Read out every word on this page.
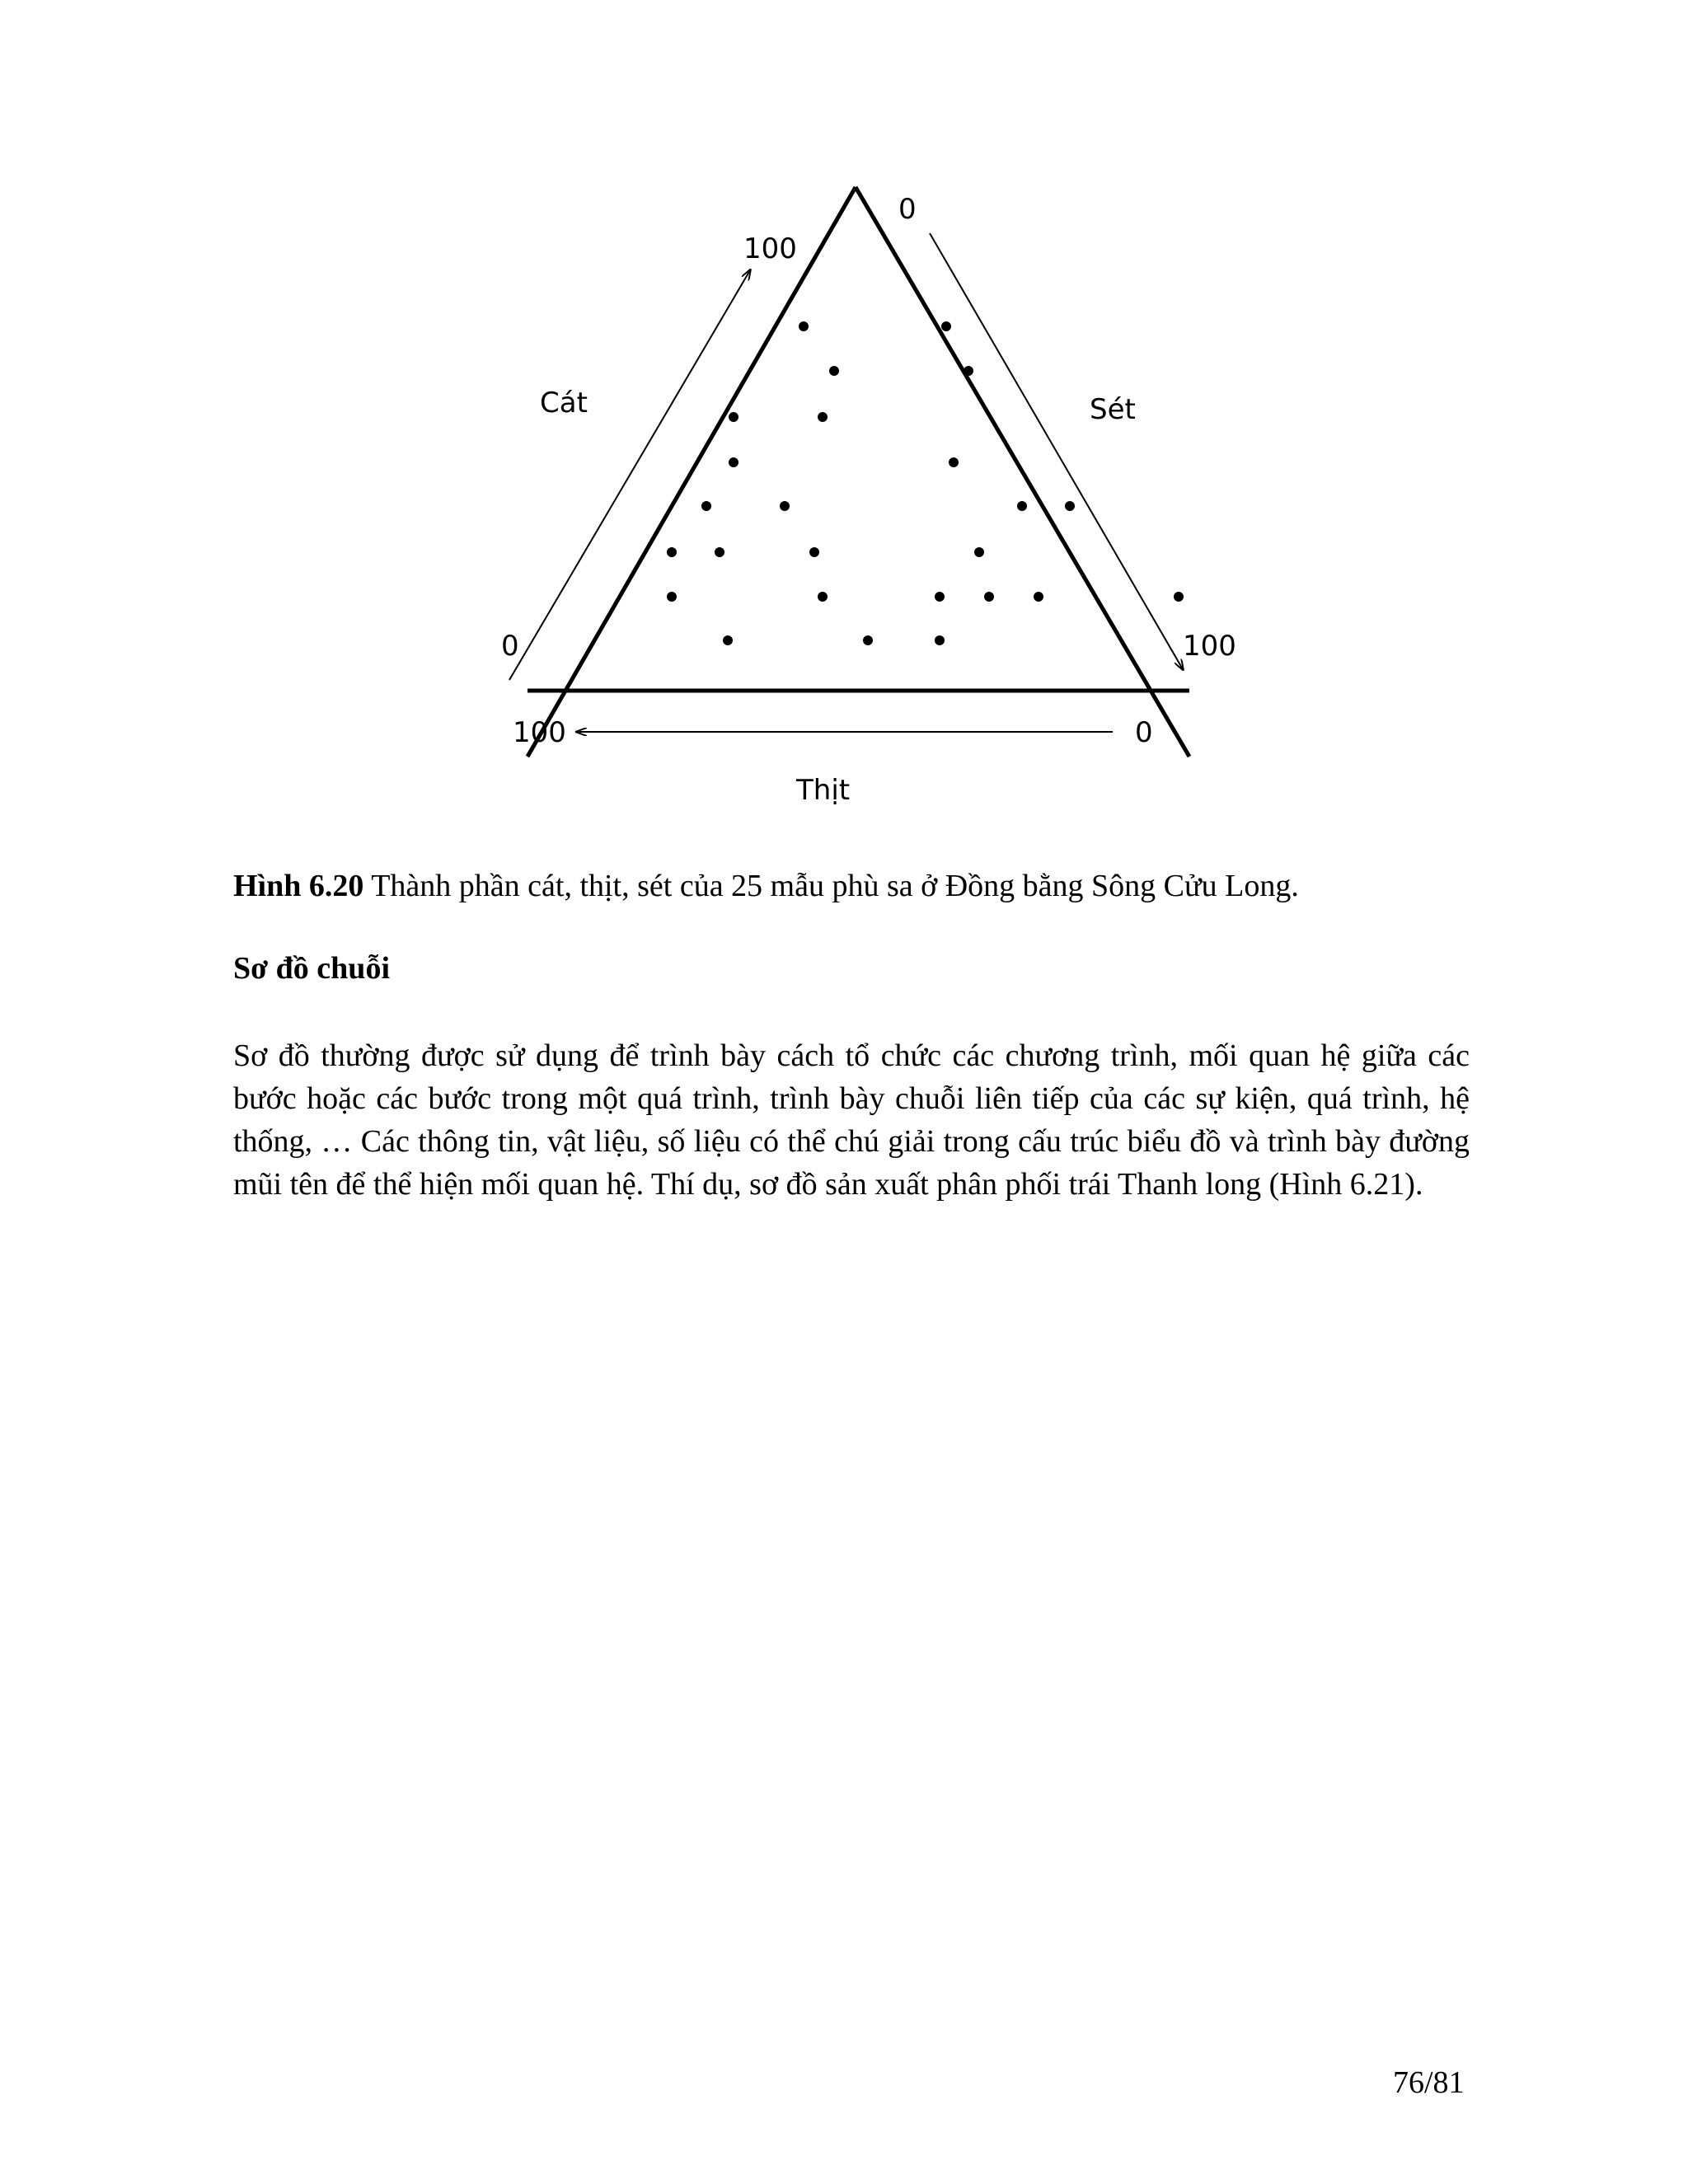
Cát	Sét
Thịt
100
0
0
100
100	0
Hình 6.20 Thành phần cát, thịt, sét của 25 mẫu phù sa ở Đồng bằng Sông Cửu Long.
Sơ đồ chuỗi
Sơ đồ thường được sử dụng để trình bày cách tổ chức các chương trình, mối quan hệ giữa các bước hoặc các bước trong một quá trình, trình bày chuỗi liên tiếp của các sự kiện, quá trình, hệ thống, … Các thông tin, vật liệu, số liệu có thể chú giải trong cấu trúc biểu đồ và trình bày đường mũi tên để thể hiện mối quan hệ. Thí dụ, sơ đồ sản xuất phân phối trái Thanh long (Hình 6.21).
76/81
